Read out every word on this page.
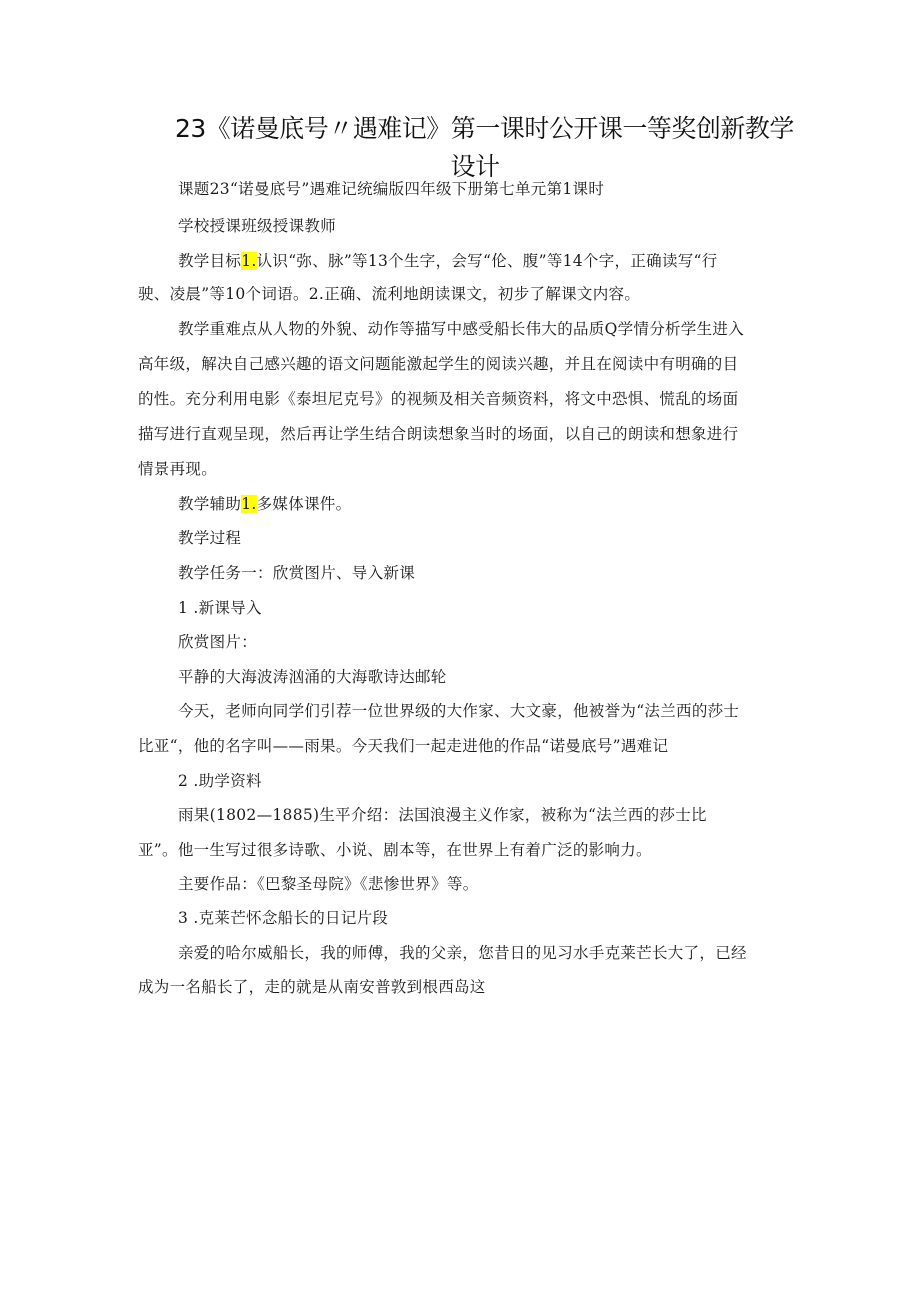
23《诺曼底号〃遇难记》第一课时公开课一等奖创新教学
设计
课题23“诺曼底号”遇难记统编版四年级下册第七单元第1课时
学校授课班级授课教师
教学目标1.认识“弥、脉”等13个生字，会写“伦、腹”等14个字，正确读写“行
驶、凌晨”等10个词语。2.正确、流利地朗读课文，初步了解课文内容。
教学重难点从人物的外貌、动作等描写中感受船长伟大的品质Q学情分析学生进入
高年级，解决自己感兴趣的语文问题能激起学生的阅读兴趣，并且在阅读中有明确的目
的性。充分利用电影《泰坦尼克号》的视频及相关音频资料，将文中恐惧、慌乱的场面
描写进行直观呈现，然后再让学生结合朗读想象当时的场面，以自己的朗读和想象进行
情景再现。
教学辅助1.多媒体课件。
教学过程
教学任务一：欣赏图片、导入新课
1 .新课导入
欣赏图片：
平静的大海波涛汹涌的大海歌诗达邮轮
今天，老师向同学们引荐一位世界级的大作家、大文豪，他被誉为“法兰西的莎士
比亚“，他的名字叫——雨果。今天我们一起走进他的作品“诺曼底号”遇难记
2 .助学资料
雨果(1802—1885)生平介绍：法国浪漫主义作家，被称为“法兰西的莎士比
亚”。他一生写过很多诗歌、小说、剧本等，在世界上有着广泛的影响力。
主要作品：《巴黎圣母院》《悲惨世界》等。
3 .克莱芒怀念船长的日记片段
亲爱的哈尔威船长，我的师傅，我的父亲，您昔日的见习水手克莱芒长大了，已经
成为一名船长了，走的就是从南安普敦到根西岛这
